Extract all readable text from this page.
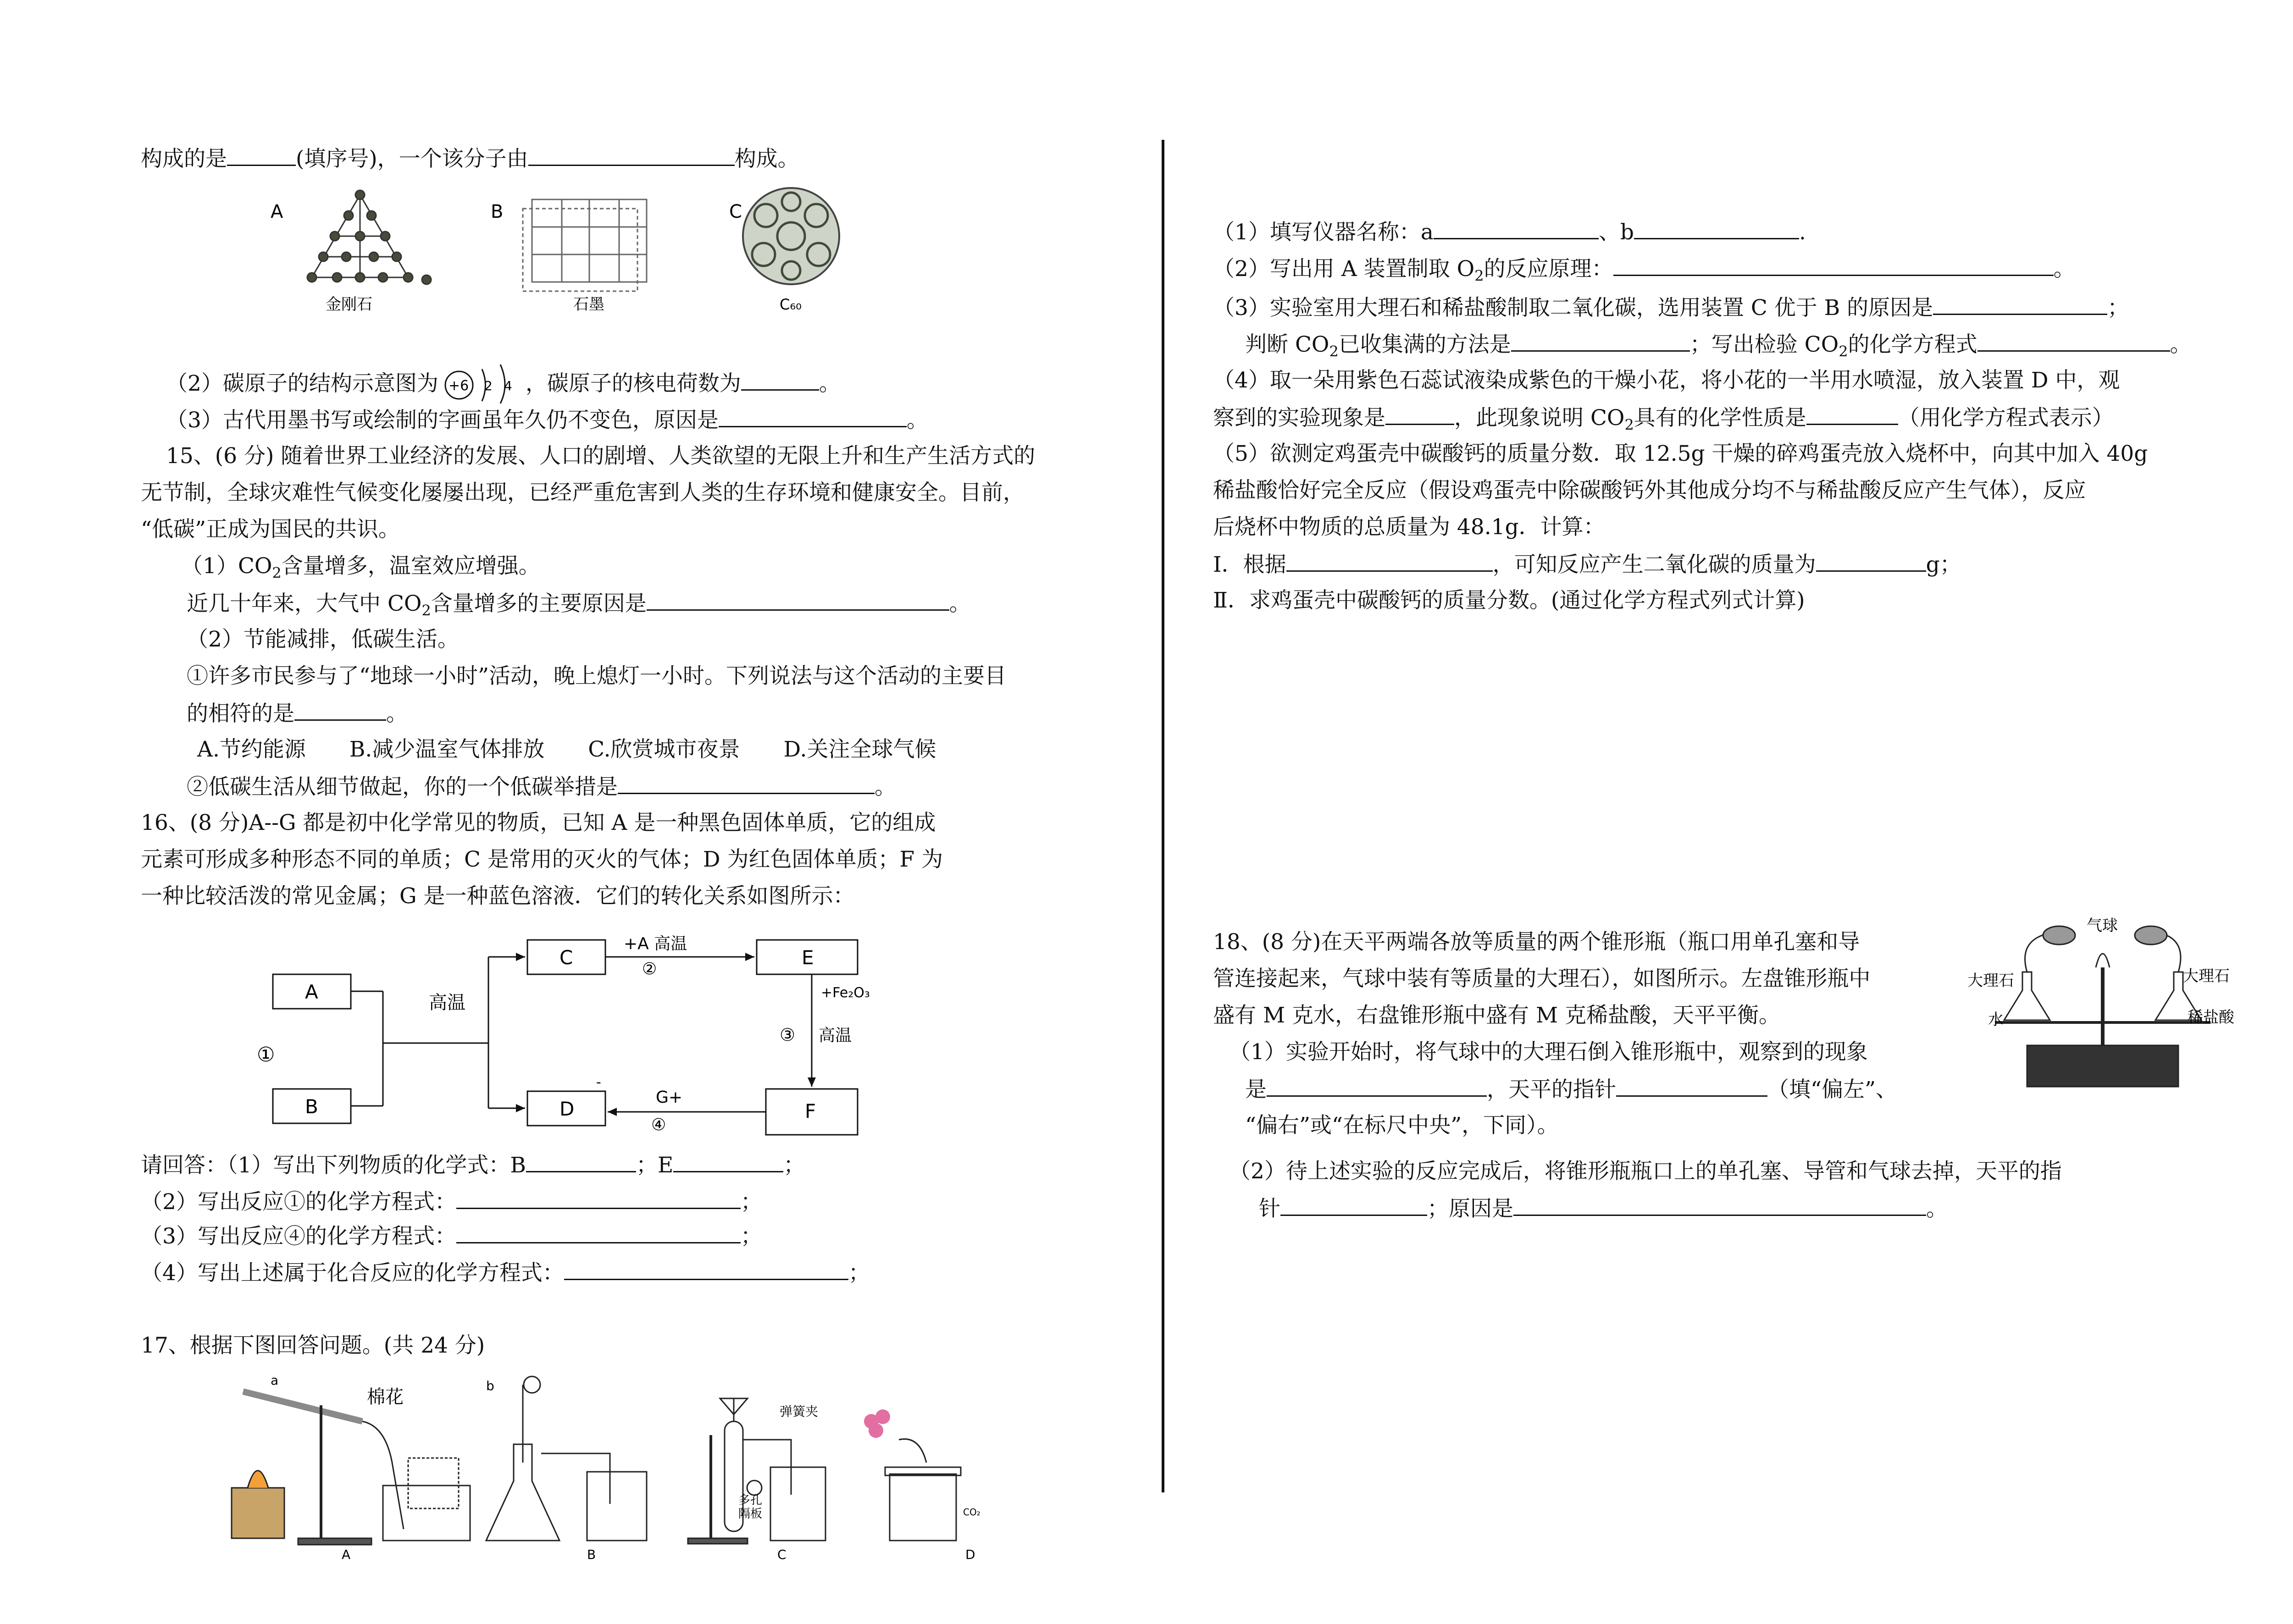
构成的是	(填序号)，一个该分子由	构成。
A	B	C
金刚石	石墨	C₆₀
（2）碳原子的结构示意图为 +6 2 4 ，碳原子的核电荷数为	。
（3）古代用墨书写或绘制的字画虽年久仍不变色，原因是	。
15、(6 分) 随着世界工业经济的发展、人口的剧增、人类欲望的无限上升和生产生活方式的
无节制，全球灾难性气候变化屡屡出现，已经严重危害到人类的生存环境和健康安全。目前，
“低碳”正成为国民的共识。
$(1)CO_2$含量增多，温室效应增强。
近几十年来，大气中 $CO_2$含量增多的主要原因是	。
（2）节能减排，低碳生活。
①许多市民参与了“地球一小时”活动，晚上熄灯一小时。下列说法与这个活动的主要目
的相符的是	。
A.节约能源 B.减少温室气体排放 C.欣赏城市夜景 D.关注全球气候
②低碳生活从细节做起，你的一个低碳举措是	。
16、(8 分)A--G 都是初中化学常见的物质，已知 A 是一种黑色固体单质，它的组成
元素可形成多种形态不同的单质；C 是常用的灭火的气体；D 为红色固体单质；F 为
一种比较活泼的常见金属；G 是一种蓝色溶液．它们的转化关系如图所示：
A
B
C
D
E
F
高温
①
+A 高温
②
+Fe₂O₃
③ 高温
G+
④
-
请回答：（1）写出下列物质的化学式：B	；E	；
（2）写出反应①的化学方程式：	；
（3）写出反应④的化学方程式：	；
（4）写出上述属于化合反应的化学方程式：	；
17、根据下图回答问题。(共 24 分)
a
棉花
b
弹簧夹
多孔
隔板	CO₂
A	B	C	D
（1）填写仪器名称：a	、b	.
（2）写出用 A 装置制取 $O_2$的反应原理：	。
（3）实验室用大理石和稀盐酸制取二氧化碳，选用装置 C 优于 B 的原因是	；
判断 $CO_2$已收集满的方法是	；写出检验 $CO_2$的化学方程式	。
（4）取一朵用紫色石蕊试液染成紫色的干燥小花，将小花的一半用水喷湿，放入装置 D 中，观
察到的实验现象是	，此现象说明 $CO_2$具有的化学性质是	（用化学方程式表示）
（5）欲测定鸡蛋壳中碳酸钙的质量分数．取 12.5g 干燥的碎鸡蛋壳放入烧杯中，向其中加入 40g
稀盐酸恰好完全反应（假设鸡蛋壳中除碳酸钙外其他成分均不与稀盐酸反应产生气体），反应
后烧杯中物质的总质量为 48.1g．计算：
Ⅰ．根据	，可知反应产生二氧化碳的质量为	g；
Ⅱ．求鸡蛋壳中碳酸钙的质量分数。(通过化学方程式列式计算)
18、(8 分)在天平两端各放等质量的两个锥形瓶（瓶口用单孔塞和导
管连接起来，气球中装有等质量的大理石），如图所示。左盘锥形瓶中
盛有 M 克水，右盘锥形瓶中盛有 M 克稀盐酸，天平平衡。
气球
大理石	大理石
水	稀盐酸
（1）实验开始时，将气球中的大理石倒入锥形瓶中，观察到的现象
是	，天平的指针	（填“偏左”、
“偏右”或“在标尺中央”，下同）。
（2）待上述实验的反应完成后，将锥形瓶瓶口上的单孔塞、导管和气球去掉，天平的指
针	；原因是	。
